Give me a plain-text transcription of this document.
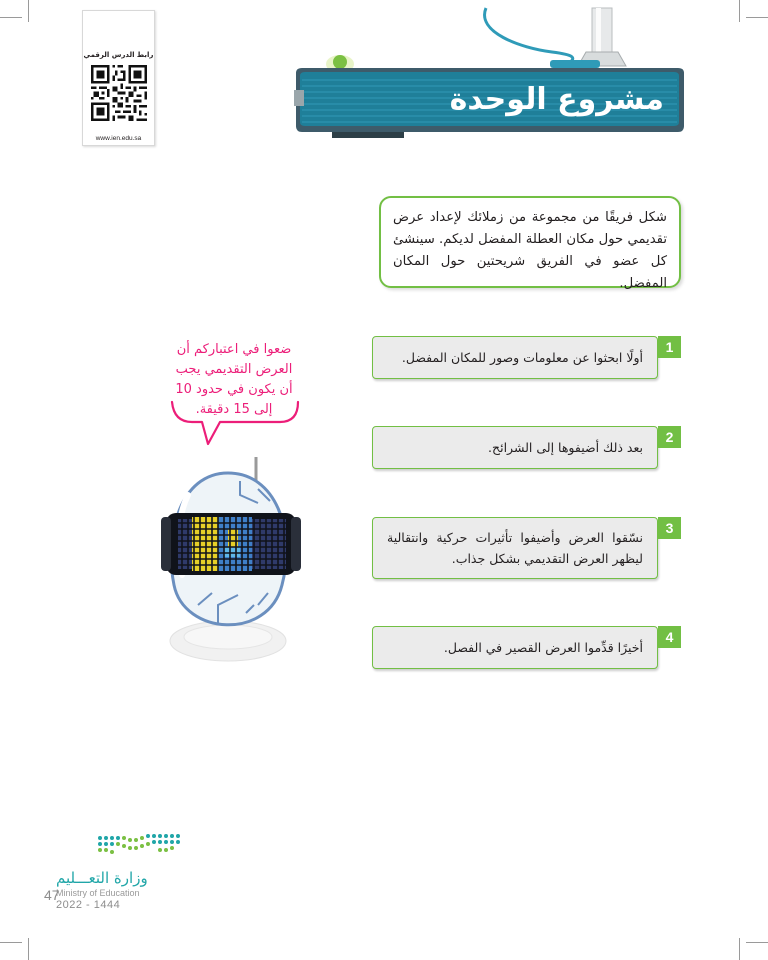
رابط الدرس الرقمي
www.ien.edu.sa
مشروع الوحدة
شكل فريقًا من مجموعة من زملائك لإعداد عرض تقديمي حول مكان العطلة المفضل لديكم. سينشئ كل عضو في الفريق شريحتين حول المكان المفضل.
أولًا ابحثوا عن معلومات وصور للمكان المفضل.
1
بعد ذلك أضيفوها إلى الشرائح.
2
نسّقوا العرض وأضيفوا تأثيرات حركية وانتقالية ليظهر العرض التقديمي بشكل جذاب.
3
أخيرًا قدِّموا العرض القصير في الفصل.
4
ضعوا في اعتباركم أن العرض التقديمي يجب أن يكون في حدود 10 إلى 15 دقيقة.
وزارة التعـــليم
Ministry of Education
2022 - 1444
47
